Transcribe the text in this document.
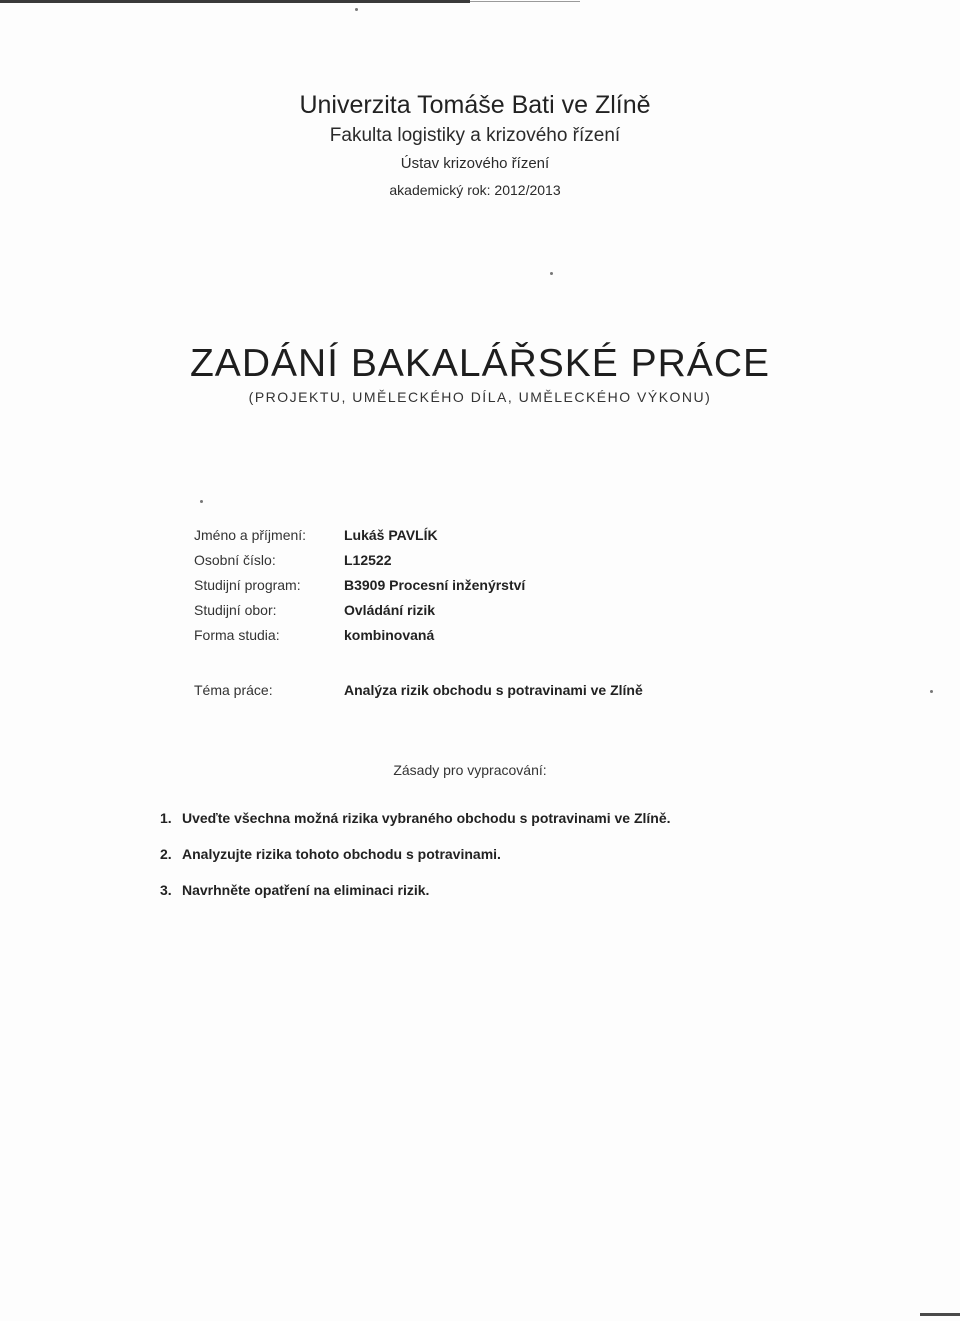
Univerzita Tomáše Bati ve Zlíně
Fakulta logistiky a krizového řízení
Ústav krizového řízení
akademický rok: 2012/2013
ZADÁNÍ BAKALÁŘSKÉ PRÁCE
(PROJEKTU, UMĚLECKÉHO DÍLA, UMĚLECKÉHO VÝKONU)
Jméno a příjmení:	Lukáš PAVLÍK
Osobní číslo:	L12522
Studijní program:	B3909 Procesní inženýrství
Studijní obor:	Ovládání rizik
Forma studia:	kombinovaná
Téma práce:	Analýza rizik obchodu s potravinami ve Zlíně
Zásady pro vypracování:
1. Uveďte všechna možná rizika vybraného obchodu s potravinami ve Zlíně.
2. Analyzujte rizika tohoto obchodu s potravinami.
3. Navrhněte opatření na eliminaci rizik.
